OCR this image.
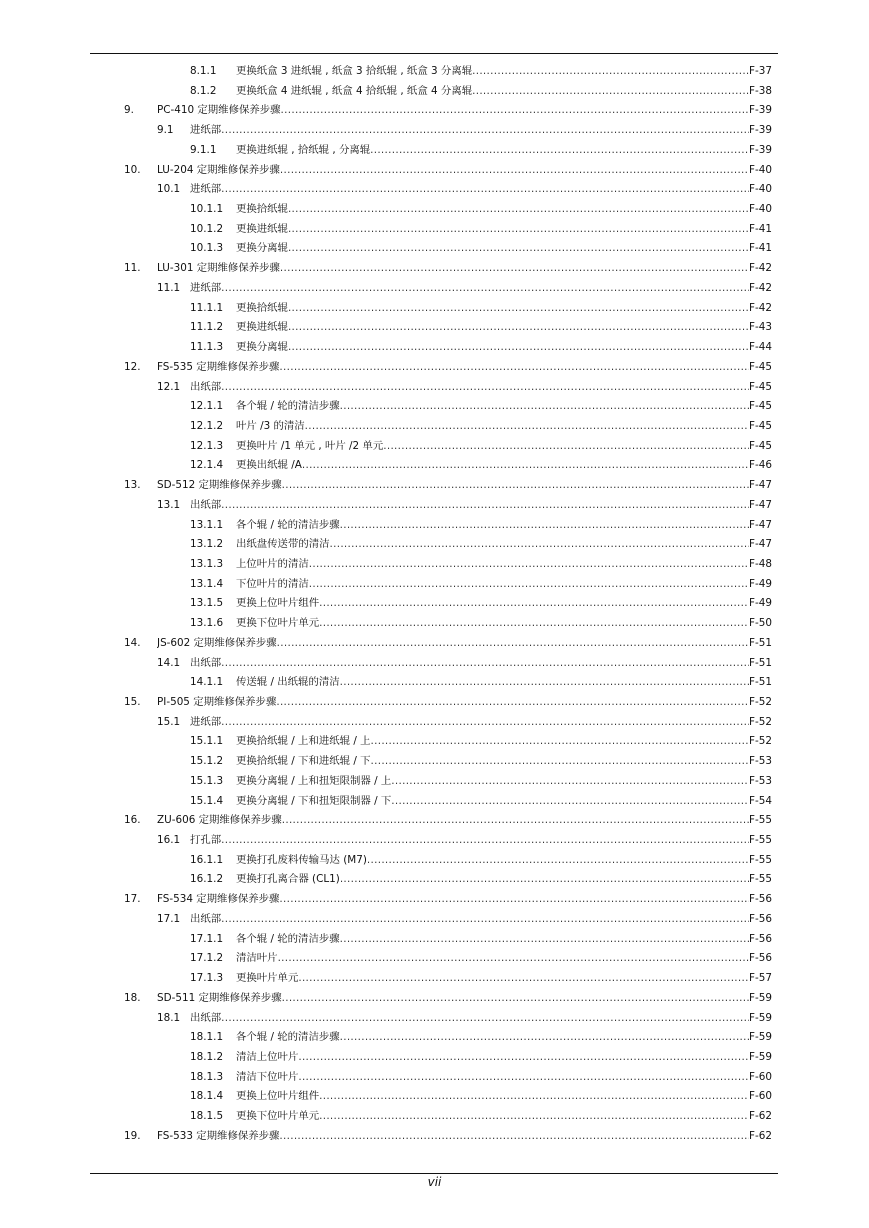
8.1.1 更换纸盒 3 进纸辊 , 纸盒 3 拾纸辊 , 纸盒 3 分离辊 .....	F-37
8.1.2 更换纸盒 4 进纸辊 , 纸盒 4 拾纸辊 , 纸盒 4 分离辊 .....	F-38
9. PC-410 定期维修保养步骤 .....	F-39
9.1 进纸部 .....	F-39
9.1.1 更换进纸辊 , 拾纸辊 , 分离辊 .....	F-39
10. LU-204 定期维修保养步骤 .....	F-40
10.1 进纸部 .....	F-40
10.1.1 更换拾纸辊 .....	F-40
10.1.2 更换进纸辊 .....	F-41
10.1.3 更换分离辊 .....	F-41
11. LU-301 定期维修保养步骤 .....	F-42
11.1 进纸部 .....	F-42
11.1.1 更换拾纸辊 .....	F-42
11.1.2 更换进纸辊 .....	F-43
11.1.3 更换分离辊 .....	F-44
12. FS-535 定期维修保养步骤 .....	F-45
12.1 出纸部 .....	F-45
12.1.1 各个辊 / 轮的清洁步骤 .....	F-45
12.1.2 叶片 /3 的清洁 .....	F-45
12.1.3 更换叶片 /1 单元 , 叶片 /2 单元 .....	F-45
12.1.4 更换出纸辊 /A .....	F-46
13. SD-512 定期维修保养步骤 .....	F-47
13.1 出纸部 .....	F-47
13.1.1 各个辊 / 轮的清洁步骤 .....	F-47
13.1.2 出纸盘传送带的清洁 .....	F-47
13.1.3 上位叶片的清洁 .....	F-48
13.1.4 下位叶片的清洁 .....	F-49
13.1.5 更换上位叶片组件 .....	F-49
13.1.6 更换下位叶片单元 .....	F-50
14. JS-602 定期维修保养步骤 .....	F-51
14.1 出纸部 .....	F-51
14.1.1 传送辊 / 出纸辊的清洁 .....	F-51
15. PI-505 定期维修保养步骤 .....	F-52
15.1 进纸部 .....	F-52
15.1.1 更换拾纸辊 / 上和进纸辊 / 上 .....	F-52
15.1.2 更换拾纸辊 / 下和进纸辊 / 下 .....	F-53
15.1.3 更换分离辊 / 上和扭矩限制器 / 上 .....	F-53
15.1.4 更换分离辊 / 下和扭矩限制器 / 下 .....	F-54
16. ZU-606 定期维修保养步骤 .....	F-55
16.1 打孔部 .....	F-55
16.1.1 更换打孔废料传输马达 (M7) .....	F-55
16.1.2 更换打孔离合器 (CL1) .....	F-55
17. FS-534 定期维修保养步骤 .....	F-56
17.1 出纸部 .....	F-56
17.1.1 各个辊 / 轮的清洁步骤 .....	F-56
17.1.2 清洁叶片 .....	F-56
17.1.3 更换叶片单元 .....	F-57
18. SD-511 定期维修保养步骤 .....	F-59
18.1 出纸部 .....	F-59
18.1.1 各个辊 / 轮的清洁步骤 .....	F-59
18.1.2 清洁上位叶片 .....	F-59
18.1.3 清洁下位叶片 .....	F-60
18.1.4 更换上位叶片组件 .....	F-60
18.1.5 更换下位叶片单元 .....	F-62
19. FS-533 定期维修保养步骤 .....	F-62
vii
